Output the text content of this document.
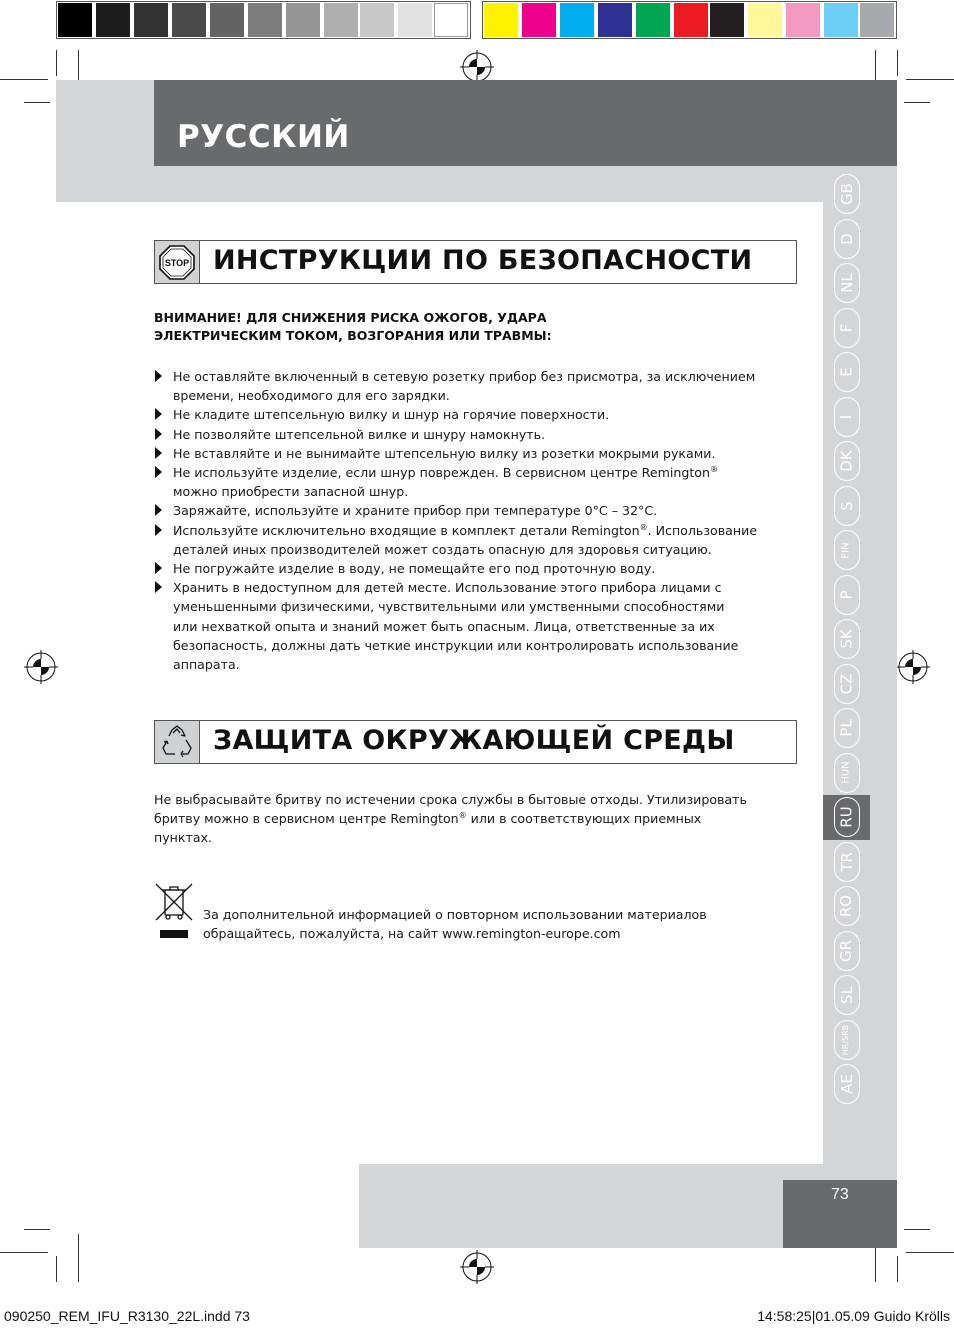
РУССКИЙ
73
GB
D
NL
F
E
I
DK
S
FIN
P
SK
CZ
PL
HUN
RU
TR
RO
GR
SL
HR/SRB
AE
STOP ИНСТРУКЦИИ ПО БЕЗОПАСНОСТИ
ВНИМАНИЕ! ДЛЯ СНИЖЕНИЯ РИСКА ОЖОГОВ, УДАРА
ЭЛЕКТРИЧЕСКИМ ТОКОМ, ВОЗГОРАНИЯ ИЛИ ТРАВМЫ:
Не оставляйте включенный в сетевую розетку прибор без присмотра, за исключением
времени, необходимого для его зарядки.
Не кладите штепсельную вилку и шнур на горячие поверхности.
Не позволяйте штепсельной вилке и шнуру намокнуть.
Не вставляйте и не вынимайте штепсельную вилку из розетки мокрыми руками.
Не используйте изделие, если шнур поврежден. В сервисном центре Remington®
можно приобрести запасной шнур.
Заряжайте, используйте и храните прибор при температуре 0°C – 32°C.
Используйте исключительно входящие в комплект детали Remington®. Использование
деталей иных производителей может создать опасную для здоровья ситуацию.
Не погружайте изделие в воду, не помещайте его под проточную воду.
Хранить в недоступном для детей месте. Использование этого прибора лицами с
уменьшенными физическими, чувствительными или умственными способностями
или нехваткой опыта и знаний может быть опасным. Лица, ответственные за их
безопасность, должны дать четкие инструкции или контролировать использование
аппарата.
ЗАЩИТА ОКРУЖАЮЩЕЙ СРЕДЫ
Не выбрасывайте бритву по истечении срока службы в бытовые отходы. Утилизировать
бритву можно в сервисном центре Remington® или в соответствующих приемных
пунктах.
За дополнительной информацией о повторном использовании материалов
обращайтесь, пожалуйста, на сайт www.remington-europe.com
090250_REM_IFU_R3130_22L.indd 73	14:58:25|01.05.09 Guido Krölls
